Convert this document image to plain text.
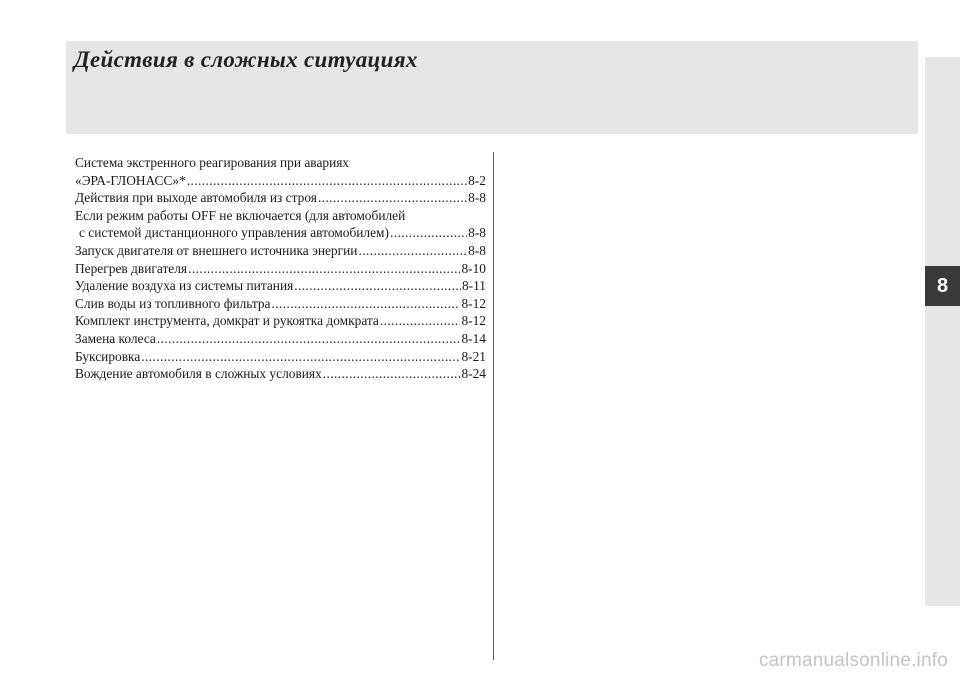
Действия в сложных ситуациях
8
Система экстренного реагирования при авариях
«ЭРА-ГЛОНАСС»* .....	8-2
Действия при выходе автомобиля из строя .....	8-8
Если режим работы OFF не включается (для автомобилей
с системой дистанционного управления автомобилем) .....	8-8
Запуск двигателя от внешнего источника энергии .....	8-8
Перегрев двигателя .....	8-10
Удаление воздуха из системы питания .....	8-11
Слив воды из топливного фильтра .....	8-12
Комплект инструмента, домкрат и рукоятка домкрата .....	8-12
Замена колеса .....	8-14
Буксировка .....	8-21
Вождение автомобиля в сложных условиях .....	8-24
carmanualsonline.info
